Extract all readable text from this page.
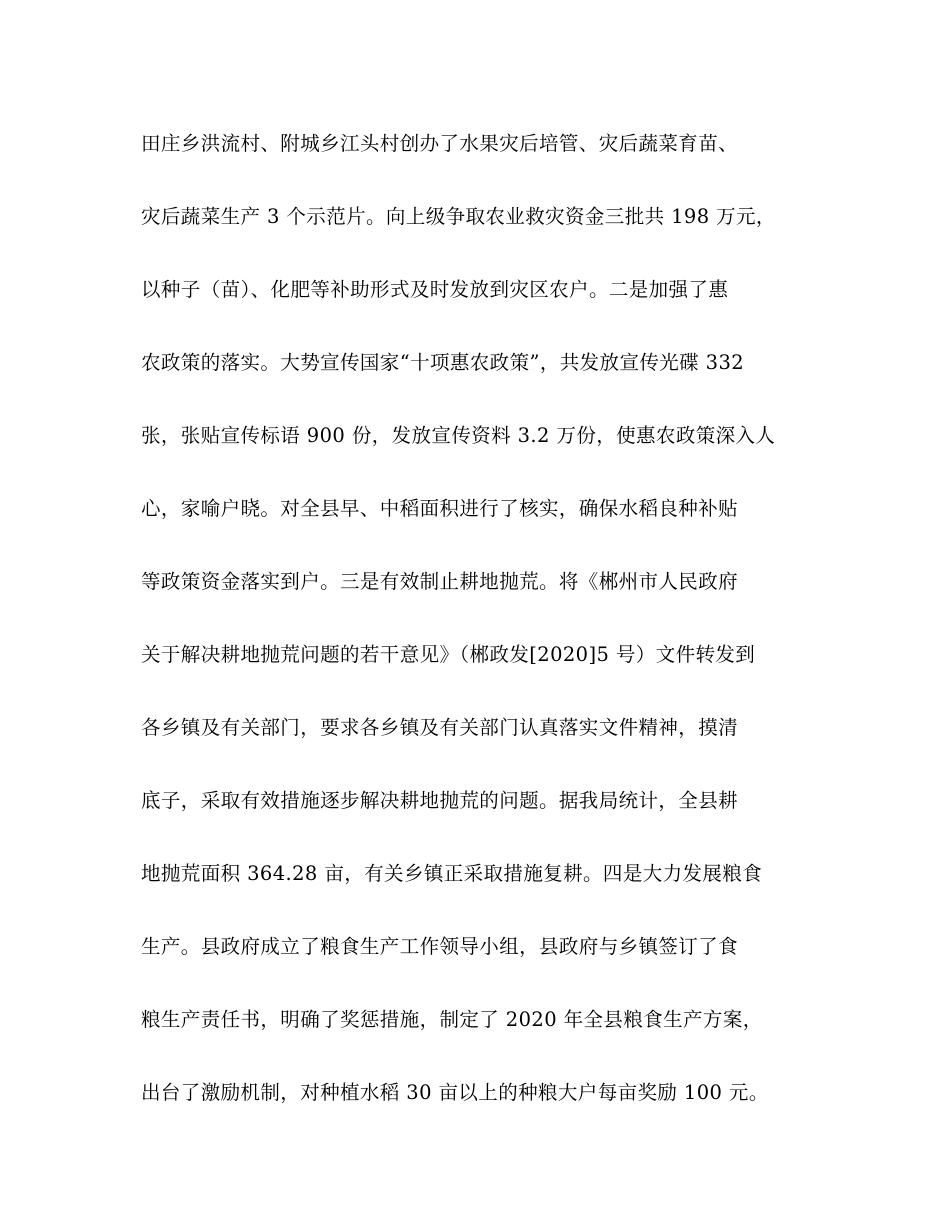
田庄乡洪流村、附城乡江头村创办了水果灾后培管、灾后蔬菜育苗、
灾后蔬菜生产 3 个示范片。向上级争取农业救灾资金三批共 198 万元，
以种子（苗）、化肥等补助形式及时发放到灾区农户。二是加强了惠
农政策的落实。大势宣传国家“十项惠农政策”，共发放宣传光碟 332
张，张贴宣传标语 900 份，发放宣传资料 3.2 万份，使惠农政策深入人
心，家喻户晓。对全县早、中稻面积进行了核实，确保水稻良种补贴
等政策资金落实到户。三是有效制止耕地抛荒。将《郴州市人民政府
关于解决耕地抛荒问题的若干意见》（郴政发[2020]5 号）文件转发到
各乡镇及有关部门，要求各乡镇及有关部门认真落实文件精神，摸清
底子，采取有效措施逐步解决耕地抛荒的问题。据我局统计，全县耕
地抛荒面积 364.28 亩，有关乡镇正采取措施复耕。四是大力发展粮食
生产。县政府成立了粮食生产工作领导小组，县政府与乡镇签订了食
粮生产责任书，明确了奖惩措施，制定了 2020 年全县粮食生产方案，
出台了激励机制，对种植水稻 30 亩以上的种粮大户每亩奖励 100 元。
